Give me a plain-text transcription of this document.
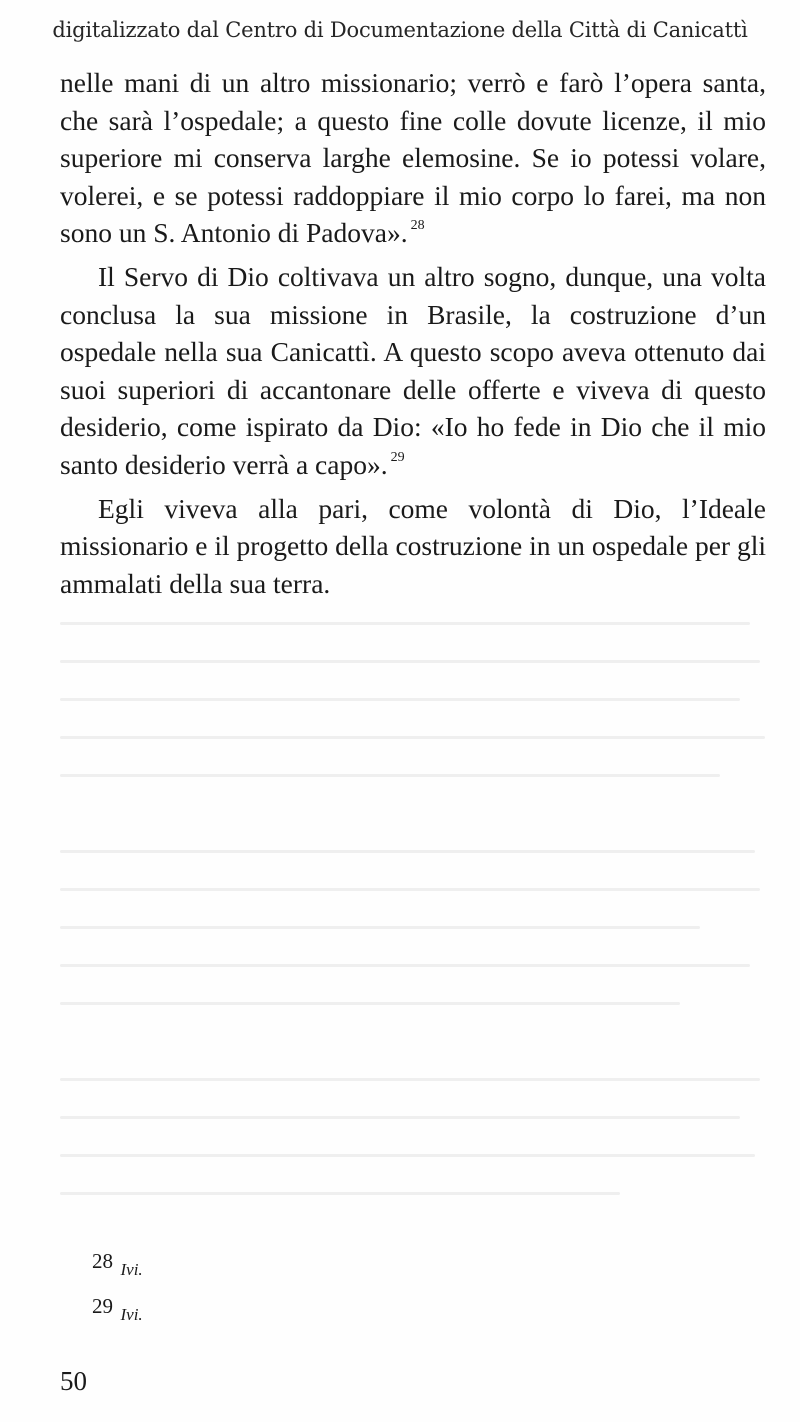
digitalizzato dal Centro di Documentazione della Città di Canicattì

nelle mani di un altro missionario; verrò e farò l’opera santa, che sarà l’ospedale; a questo fine colle dovute licenze, il mio superiore mi conserva larghe elemosine. Se io potessi volare, volerei, e se potessi raddoppiare il mio corpo lo farei, ma non sono un S. Antonio di Padova». $^{28}$

Il Servo di Dio coltivava un altro sogno, dunque, una volta conclusa la sua missione in Brasile, la costruzione d’un ospedale nella sua Canicattì. A questo scopo aveva ottenuto dai suoi superiori di accantonare delle offerte e viveva di questo desiderio, come ispirato da Dio: «Io ho fede in Dio che il mio santo desiderio verrà a capo». $^{29}$

Egli viveva alla pari, come volontà di Dio, l’Ideale missionario e il progetto della costruzione in un ospedale per gli ammalati della sua terra.

28 Ivi.
29 Ivi.
50
